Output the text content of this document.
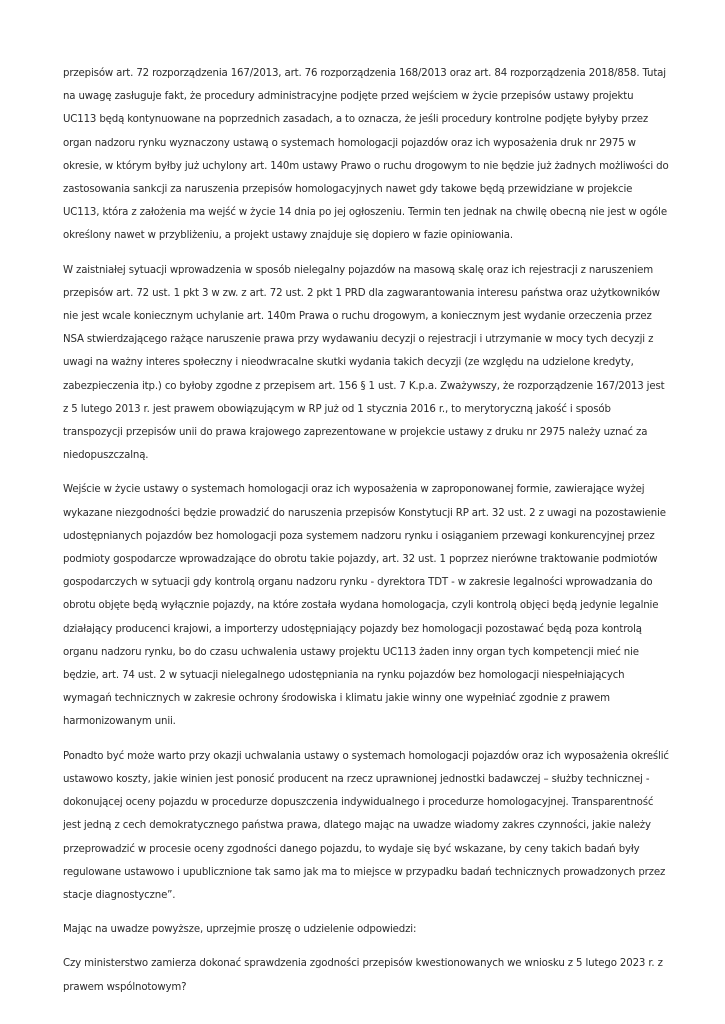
przepisów art. 72 rozporządzenia 167/2013, art. 76 rozporządzenia 168/2013 oraz art. 84 rozporządzenia 2018/858. Tutaj na uwagę zasługuje fakt, że procedury administracyjne podjęte przed wejściem w życie przepisów ustawy projektu UC113 będą kontynuowane na poprzednich zasadach, a to oznacza, że jeśli procedury kontrolne podjęte byłyby przez organ nadzoru rynku wyznaczony ustawą o systemach homologacji pojazdów oraz ich wyposażenia druk nr 2975 w okresie, w którym byłby już uchylony art. 140m ustawy Prawo o ruchu drogowym to nie będzie już żadnych możliwości do zastosowania sankcji za naruszenia przepisów homologacyjnych nawet gdy takowe będą przewidziane w projekcie UC113, która z założenia ma wejść w życie 14 dnia po jej ogłoszeniu. Termin ten jednak na chwilę obecną nie jest w ogóle określony nawet w przybliżeniu, a projekt ustawy znajduje się dopiero w fazie opiniowania.

W zaistniałej sytuacji wprowadzenia w sposób nielegalny pojazdów na masową skalę oraz ich rejestracji z naruszeniem przepisów art. 72 ust. 1 pkt 3 w zw. z art. 72 ust. 2 pkt 1 PRD dla zagwarantowania interesu państwa oraz użytkowników nie jest wcale koniecznym uchylanie art. 140m Prawa o ruchu drogowym, a koniecznym jest wydanie orzeczenia przez NSA stwierdzającego rażące naruszenie prawa przy wydawaniu decyzji o rejestracji i utrzymanie w mocy tych decyzji z uwagi na ważny interes społeczny i nieodwracalne skutki wydania takich decyzji (ze względu na udzielone kredyty, zabezpieczenia itp.) co byłoby zgodne z przepisem art. 156 § 1 ust. 7 K.p.a. Zważywszy, że rozporządzenie 167/2013 jest z 5 lutego 2013 r. jest prawem obowiązującym w RP już od 1 stycznia 2016 r., to merytoryczną jakość i sposób transpozycji przepisów unii do prawa krajowego zaprezentowane w projekcie ustawy z druku nr 2975 należy uznać za niedopuszczalną.

Wejście w życie ustawy o systemach homologacji oraz ich wyposażenia w zaproponowanej formie, zawierające wyżej wykazane niezgodności będzie prowadzić do naruszenia przepisów Konstytucji RP art. 32 ust. 2 z uwagi na pozostawienie udostępnianych pojazdów bez homologacji poza systemem nadzoru rynku i osiąganiem przewagi konkurencyjnej przez podmioty gospodarcze wprowadzające do obrotu takie pojazdy, art. 32 ust. 1 poprzez nierówne traktowanie podmiotów gospodarczych w sytuacji gdy kontrolą organu nadzoru rynku - dyrektora TDT - w zakresie legalności wprowadzania do obrotu objęte będą wyłącznie pojazdy, na które została wydana homologacja, czyli kontrolą objęci będą jedynie legalnie działający producenci krajowi, a importerzy udostępniający pojazdy bez homologacji pozostawać będą poza kontrolą organu nadzoru rynku, bo do czasu uchwalenia ustawy projektu UC113 żaden inny organ tych kompetencji mieć nie będzie, art. 74 ust. 2 w sytuacji nielegalnego udostępniania na rynku pojazdów bez homologacji niespełniających wymagań technicznych w zakresie ochrony środowiska i klimatu jakie winny one wypełniać zgodnie z prawem harmonizowanym unii.

Ponadto być może warto przy okazji uchwalania ustawy o systemach homologacji pojazdów oraz ich wyposażenia określić ustawowo koszty, jakie winien jest ponosić producent na rzecz uprawnionej jednostki badawczej – służby technicznej - dokonującej oceny pojazdu w procedurze dopuszczenia indywidualnego i procedurze homologacyjnej. Transparentność jest jedną z cech demokratycznego państwa prawa, dlatego mając na uwadze wiadomy zakres czynności, jakie należy przeprowadzić w procesie oceny zgodności danego pojazdu, to wydaje się być wskazane, by ceny takich badań były regulowane ustawowo i upublicznione tak samo jak ma to miejsce w przypadku badań technicznych prowadzonych przez stacje diagnostyczne”.

Mając na uwadze powyższe, uprzejmie proszę o udzielenie odpowiedzi:

Czy ministerstwo zamierza dokonać sprawdzenia zgodności przepisów kwestionowanych we wniosku z 5 lutego 2023 r. z prawem wspólnotowym?
